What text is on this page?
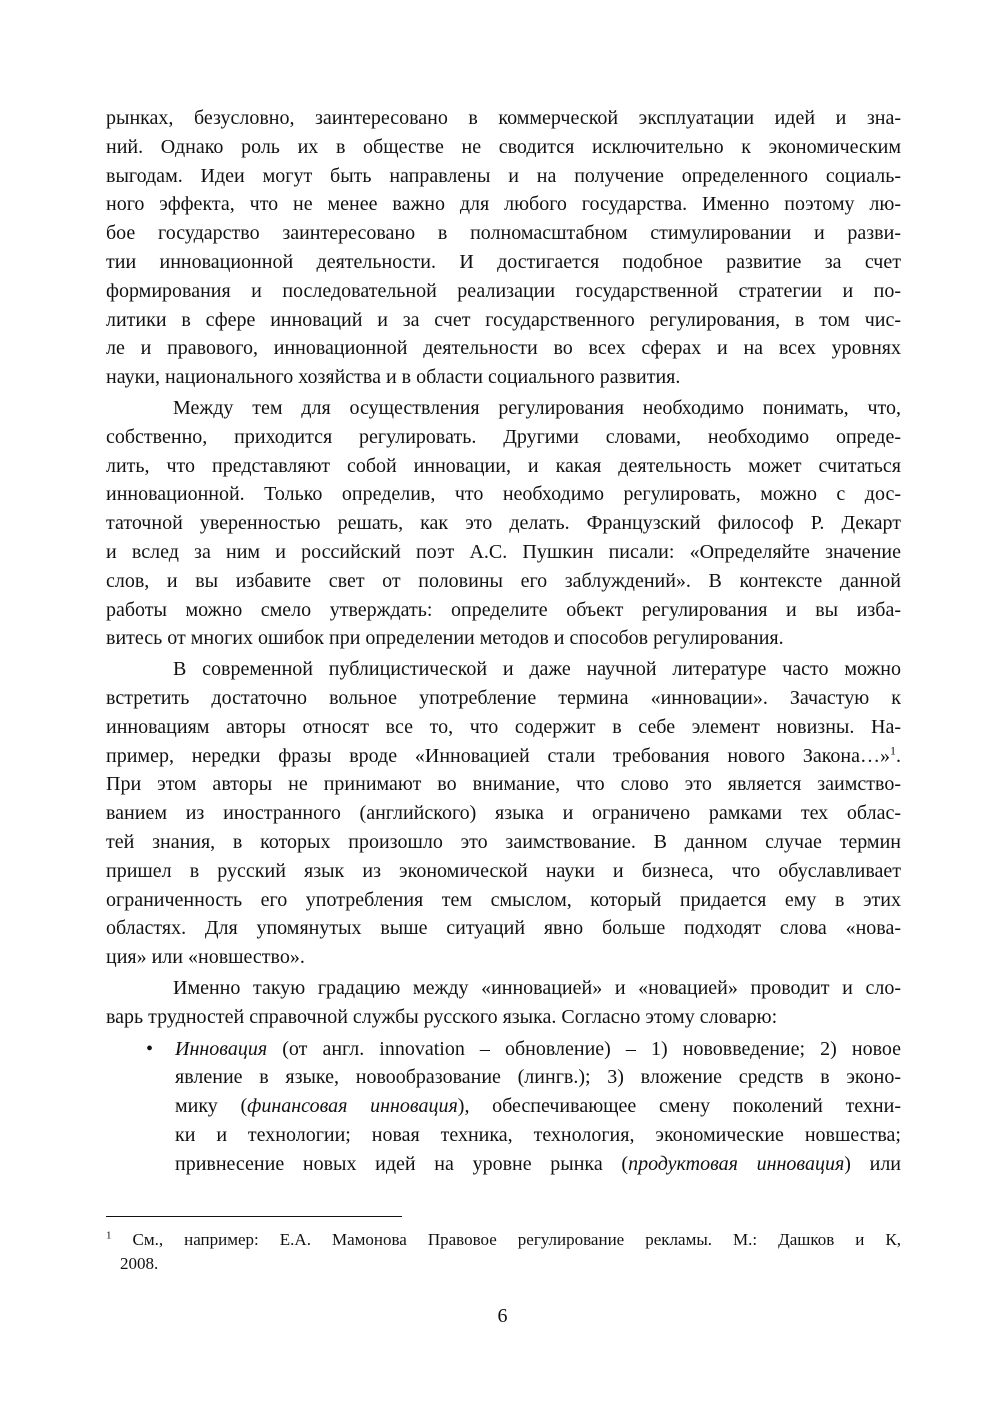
рынках, безусловно, заинтересовано в коммерческой эксплуатации идей и зна-
ний. Однако роль их в обществе не сводится исключительно к экономическим
выгодам. Идеи могут быть направлены и на получение определенного социаль-
ного эффекта, что не менее важно для любого государства. Именно поэтому лю-
бое государство заинтересовано в полномасштабном стимулировании и разви-
тии инновационной деятельности. И достигается подобное развитие за счет
формирования и последовательной реализации государственной стратегии и по-
литики в сфере инноваций и за счет государственного регулирования, в том чис-
ле и правового, инновационной деятельности во всех сферах и на всех уровнях
науки, национального хозяйства и в области социального развития.
Между тем для осуществления регулирования необходимо понимать, что,
собственно, приходится регулировать. Другими словами, необходимо опреде-
лить, что представляют собой инновации, и какая деятельность может считаться
инновационной. Только определив, что необходимо регулировать, можно с дос-
таточной уверенностью решать, как это делать. Французский философ Р. Декарт
и вслед за ним и российский поэт А.С. Пушкин писали: «Определяйте значение
слов, и вы избавите свет от половины его заблуждений». В контексте данной
работы можно смело утверждать: определите объект регулирования и вы изба-
витесь от многих ошибок при определении методов и способов регулирования.
В современной публицистической и даже научной литературе часто можно
встретить достаточно вольное употребление термина «инновации». Зачастую к
инновациям авторы относят все то, что содержит в себе элемент новизны. На-
пример, нередки фразы вроде «Инновацией стали требования нового Закона…»$^1$.
При этом авторы не принимают во внимание, что слово это является заимство-
ванием из иностранного (английского) языка и ограничено рамками тех облас-
тей знания, в которых произошло это заимствование. В данном случае термин
пришел в русский язык из экономической науки и бизнеса, что обуславливает
ограниченность его употребления тем смыслом, который придается ему в этих
областях. Для упомянутых выше ситуаций явно больше подходят слова «нова-
ция» или «новшество».
Именно такую градацию между «инновацией» и «новацией» проводит и сло-
варь трудностей справочной службы русского языка. Согласно этому словарю:
• Инновация (от англ. innovation – обновление) – 1) нововведение; 2) новое
явление в языке, новообразование (лингв.); 3) вложение средств в эконо-
мику (финансовая инновация), обеспечивающее смену поколений техни-
ки и технологии; новая техника, технология, экономические новшества;
привнесение новых идей на уровне рынка (продуктовая инновация) или
$^1$ См., например: Е.А. Мамонова Правовое регулирование рекламы. М.: Дашков и К,
2008.
6
